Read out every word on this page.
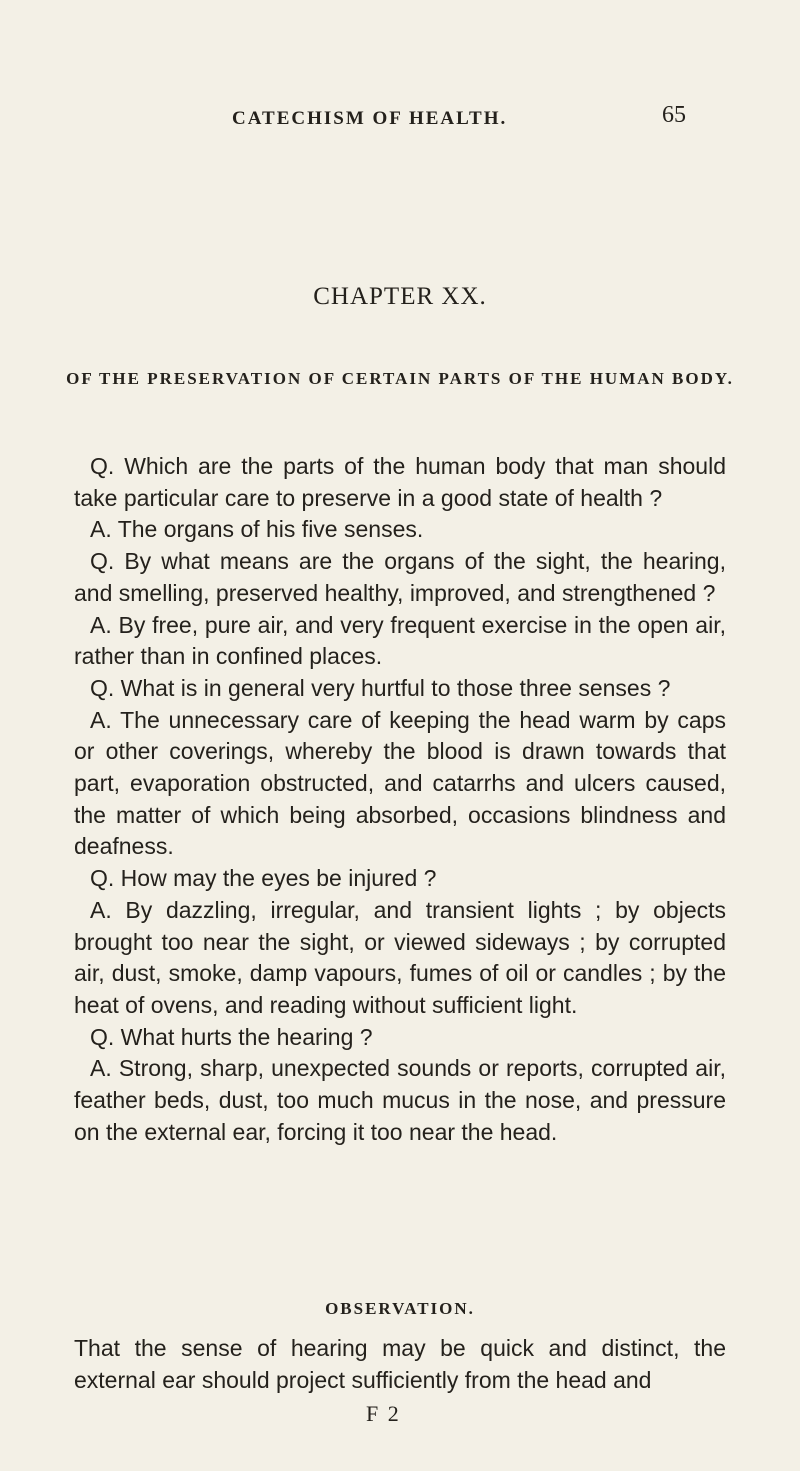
CATECHISM OF HEALTH.	65
CHAPTER XX.
OF THE PRESERVATION OF CERTAIN PARTS OF THE HUMAN BODY.

Q. Which are the parts of the human body that man should take particular care to preserve in a good state of health ?

A. The organs of his five senses.

Q. By what means are the organs of the sight, the hearing, and smelling, preserved healthy, improved, and strengthened ?

A. By free, pure air, and very frequent exercise in the open air, rather than in confined places.

Q. What is in general very hurtful to those three senses ?

A. The unnecessary care of keeping the head warm by caps or other coverings, whereby the blood is drawn towards that part, evaporation obstructed, and catarrhs and ulcers caused, the matter of which being absorbed, occasions blindness and deafness.

Q. How may the eyes be injured ?

A. By dazzling, irregular, and transient lights ; by objects brought too near the sight, or viewed sideways ; by corrupted air, dust, smoke, damp vapours, fumes of oil or candles ; by the heat of ovens, and reading without sufficient light.

Q. What hurts the hearing ?

A. Strong, sharp, unexpected sounds or reports, corrupted air, feather beds, dust, too much mucus in the nose, and pressure on the external ear, forcing it too near the head.

OBSERVATION.

That the sense of hearing may be quick and distinct, the external ear should project sufficiently from the head and

F 2
